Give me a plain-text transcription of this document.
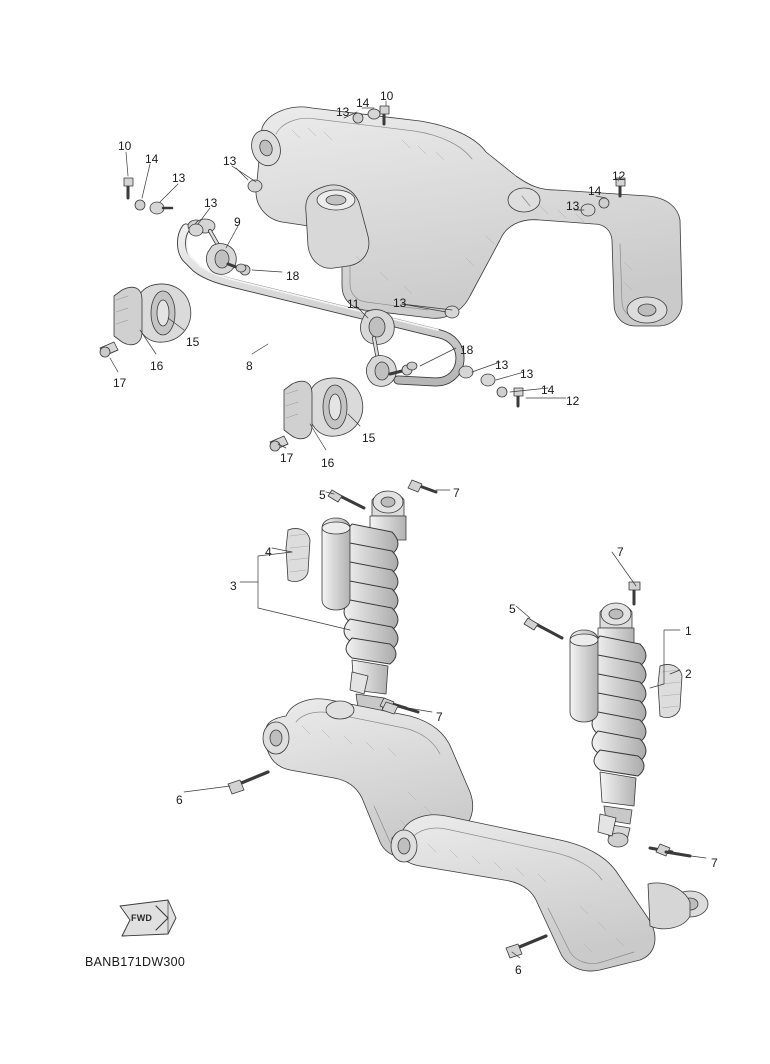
FWD
BANB171DW300
10
14
13
13
13
9
13
14 10
12
14
13
18
11	13
15
16
17
8
18
13
13
14
12
15
16
17
5	7
4
3
7
5
1
2
7
6
7
6
